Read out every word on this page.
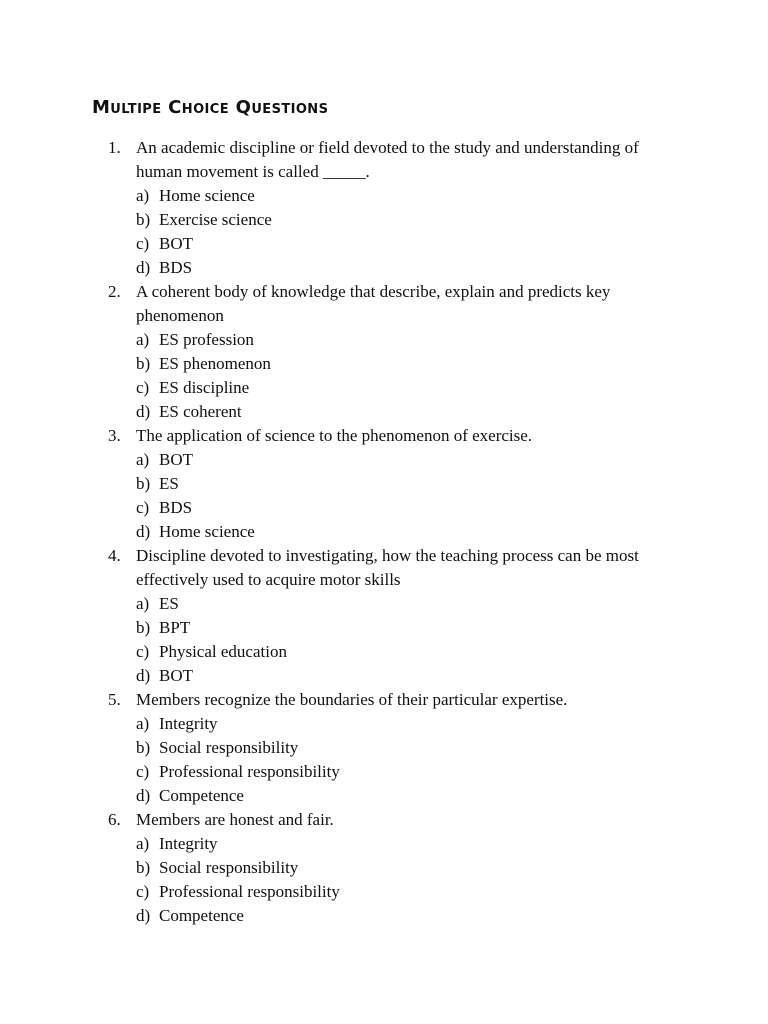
Multipe Choice Questions
1. An academic discipline or field devoted to the study and understanding of human movement is called _____.
a) Home science
b) Exercise science
c) BOT
d) BDS
2. A coherent body of knowledge that describe, explain and predicts key phenomenon
a) ES profession
b) ES phenomenon
c) ES discipline
d) ES coherent
3. The application of science to the phenomenon of exercise.
a) BOT
b) ES
c) BDS
d) Home science
4. Discipline devoted to investigating, how the teaching process can be most effectively used to acquire motor skills
a) ES
b) BPT
c) Physical education
d) BOT
5. Members recognize the boundaries of their particular expertise.
a) Integrity
b) Social responsibility
c) Professional responsibility
d) Competence
6. Members are honest and fair.
a) Integrity
b) Social responsibility
c) Professional responsibility
d) Competence
